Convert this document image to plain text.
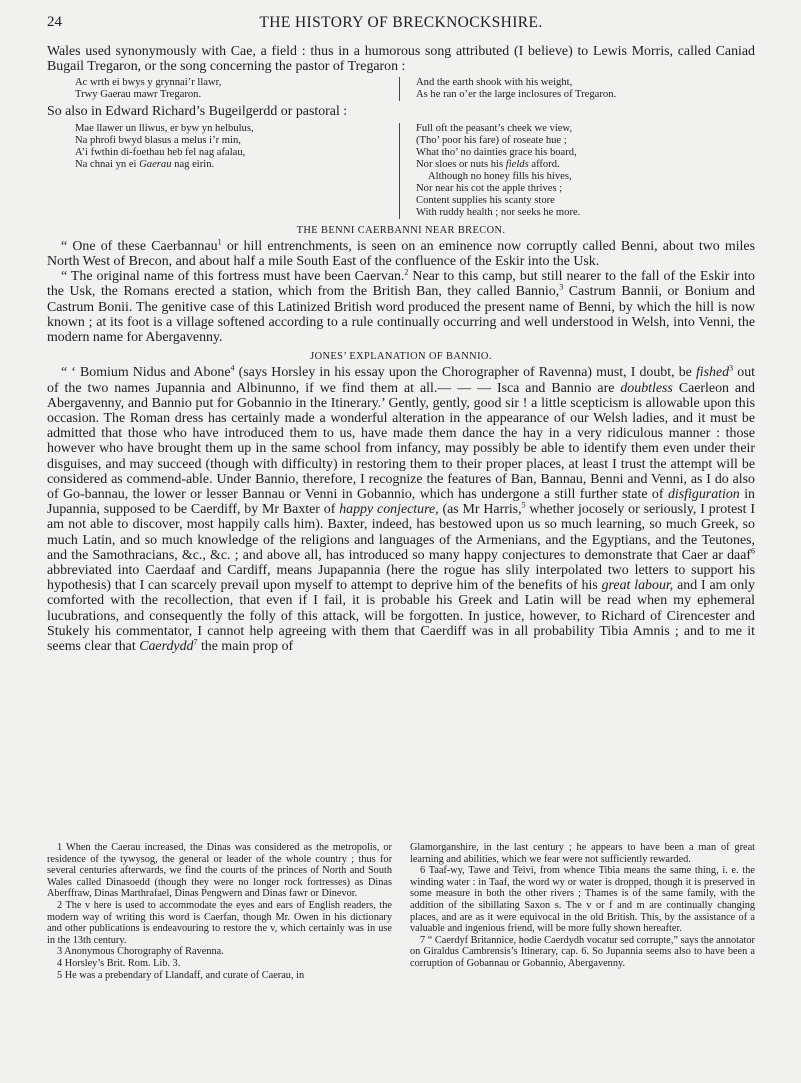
24	THE HISTORY OF BRECKNOCKSHIRE.

Wales used synonymously with Cae, a field : thus in a humorous song attributed (I believe) to Lewis Morris, called Caniad Bugail Tregaron, or the song concerning the pastor of Tregaron :

Ac wrth ei bwys y grynnai’r llawr,
Trwy Gaerau mawr Tregaron.
And the earth shook with his weight,
As he ran o’er the large inclosures of Tregaron.

So also in Edward Richard’s Bugeilgerdd or pastoral :

Mae llawer un lliwus, er byw yn helbulus,
Na phrofi bwyd blasus a melus i’r min,
A’i fwthin di-foethau heb fel nag afalau,
Na chnai yn ei Gaerau nag eirin.
Full oft the peasant’s cheek we view,
(Tho’ poor his fare) of roseate hue ;
What tho’ no dainties grace his board,
Nor sloes or nuts his fields afford.
Although no honey fills his hives,
Nor near his cot the apple thrives ;
Content supplies his scanty store
With ruddy health ; nor seeks he more.
THE BENNI CAERBANNI NEAR BRECON.

“ One of these Caerbannau$^1$ or hill entrenchments, is seen on an eminence now corruptly called Benni, about two miles North West of Brecon, and about half a mile South East of the confluence of the Eskir into the Usk.

“ The original name of this fortress must have been Caervan.$^2$ Near to this camp, but still nearer to the fall of the Eskir into the Usk, the Romans erected a station, which from the British Ban, they called Bannio,$^3$ Castrum Bannii, or Bonium and Castrum Bonii. The genitive case of this Latinized British word produced the present name of Benni, by which the hill is now known ; at its foot is a village softened according to a rule continually occurring and well understood in Welsh, into Venni, the modern name for Abergavenny.

JONES’ EXPLANATION OF BANNIO.

“ ‘ Bomium Nidus and Abone$^4$ (says Horsley in his essay upon the Chorographer of Ravenna) must, I doubt, be fished$^3$ out of the two names Jupannia and Albinunno, if we find them at all.— — — Isca and Bannio are doubtless Caerleon and Abergavenny, and Bannio put for Gobannio in the Itinerary.’ Gently, gently, good sir ! a little scepticism is allowable upon this occasion. The Roman dress has certainly made a wonderful alteration in the appearance of our Welsh ladies, and it must be admitted that those who have introduced them to us, have made them dance the hay in a very ridiculous manner : those however who have brought them up in the same school from infancy, may possibly be able to identify them even under their disguises, and may succeed (though with difficulty) in restoring them to their proper places, at least I trust the attempt will be considered as commend-able. Under Bannio, therefore, I recognize the features of Ban, Bannau, Benni and Venni, as I do also of Go-bannau, the lower or lesser Bannau or Venni in Gobannio, which has undergone a still further state of disfiguration in Jupannia, supposed to be Caerdiff, by Mr Baxter of happy conjecture, (as Mr Harris,$^5$ whether jocosely or seriously, I protest I am not able to discover, most happily calls him). Baxter, indeed, has bestowed upon us so much learning, so much Greek, so much Latin, and so much knowledge of the religions and languages of the Armenians, and the Egyptians, and the Teutones, and the Samothracians, &c., &c. ; and above all, has introduced so many happy conjectures to demonstrate that Caer ar daaf$^6$ abbreviated into Caerdaaf and Cardiff, means Jupapannia (here the rogue has slily interpolated two letters to support his hypothesis) that I can scarcely prevail upon myself to attempt to deprive him of the benefits of his great labour, and I am only comforted with the recollection, that even if I fail, it is probable his Greek and Latin will be read when my ephemeral lucubrations, and consequently the folly of this attack, will be forgotten. In justice, however, to Richard of Cirencester and Stukely his commentator, I cannot help agreeing with them that Caerdiff was in all probability Tibia Amnis ; and to me it seems clear that Caerdydd$^7$ the main prop of

1 When the Caerau increased, the Dinas was considered as the metropolis, or residence of the tywysog, the general or leader of the whole country ; thus for several centuries afterwards, we find the courts of the princes of North and South Wales called Dinasoedd (though they were no longer rock fortresses) as Dinas Aberffraw, Dinas Marthrafael, Dinas Pengwern and Dinas fawr or Dinevor.

2 The v here is used to accommodate the eyes and ears of English readers, the modern way of writing this word is Caerfan, though Mr. Owen in his dictionary and other publications is endeavouring to restore the v, which certainly was in use in the 13th century.

3 Anonymous Chorography of Ravenna.

4 Horsley’s Brit. Rom. Lib. 3.

5 He was a prebendary of Llandaff, and curate of Caerau, in

Glamorganshire, in the last century ; he appears to have been a man of great learning and abilities, which we fear were not sufficiently rewarded.

6 Taaf-wy, Tawe and Teivi, from whence Tibia means the same thing, i. e. the winding water : in Taaf, the word wy or water is dropped, though it is preserved in some measure in both the other rivers ; Thames is of the same family, with the addition of the sibillating Saxon s. The v or f and m are continually changing places, and are as it were equivocal in the old British. This, by the assistance of a valuable and ingenious friend, will be more fully shown hereafter.

7 “ Caerdyf Britannice, hodie Caerdydh vocatur sed corrupte,” says the annotator on Giraldus Cambrensis’s Itinerary, cap. 6. So Jupannia seems also to have been a corruption of Gobannau or Gobannio, Abergavenny.
